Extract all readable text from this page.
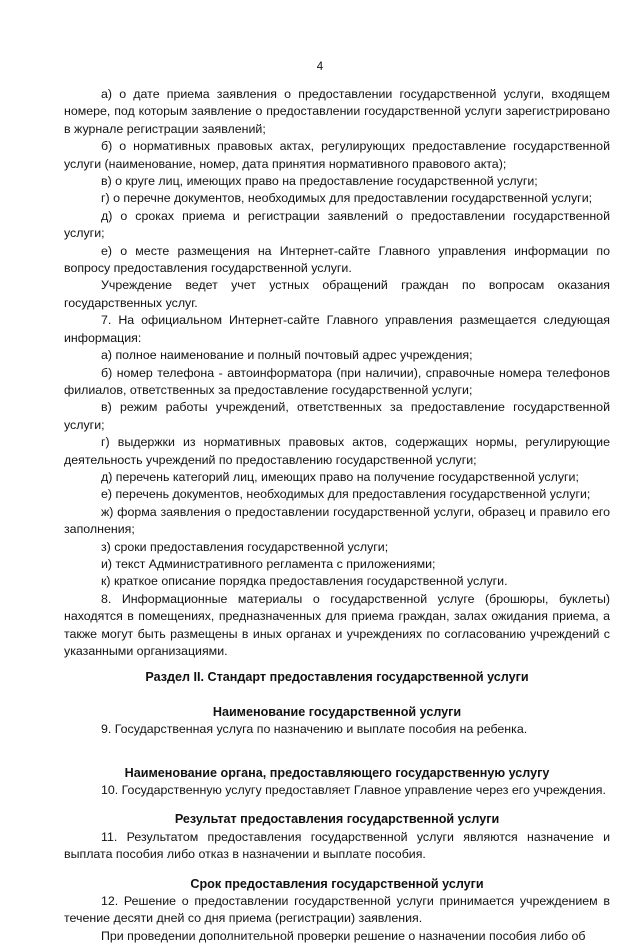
4

а) о дате приема заявления о предоставлении государственной услуги, входящем номере, под которым заявление о предоставлении государственной услуги зарегистрировано в журнале регистрации заявлений;

б) о нормативных правовых актах, регулирующих предоставление государственной услуги (наименование, номер, дата принятия нормативного правового акта);

в) о круге лиц, имеющих право на предоставление государственной услуги;

г) о перечне документов, необходимых для предоставлении государственной услуги;

д) о сроках приема и регистрации заявлений о предоставлении государственной услуги;

е) о месте размещения на Интернет-сайте Главного управления информации по вопросу предоставления государственной услуги.

Учреждение ведет учет устных обращений граждан по вопросам оказания государственных услуг.

7. На официальном Интернет-сайте Главного управления размещается следующая информация:

а) полное наименование и полный почтовый адрес учреждения;

б) номер телефона - автоинформатора (при наличии), справочные номера телефонов филиалов, ответственных за предоставление государственной услуги;

в) режим работы учреждений, ответственных за предоставление государственной услуги;

г) выдержки из нормативных правовых актов, содержащих нормы, регулирующие деятельность учреждений по предоставлению государственной услуги;

д) перечень категорий лиц, имеющих право на получение государственной услуги;

е) перечень документов, необходимых для предоставления государственной услуги;

ж) форма заявления о предоставлении государственной услуги, образец и правило его заполнения;

з) сроки предоставления государственной услуги;

и) текст Административного регламента с приложениями;

к) краткое описание порядка предоставления государственной услуги.

8. Информационные материалы о государственной услуге (брошюры, буклеты) находятся в помещениях, предназначенных для приема граждан, залах ожидания приема, а также могут быть размещены в иных органах и учреждениях по согласованию учреждений с указанными организациями.

Раздел II. Стандарт предоставления государственной услуги

Наименование государственной услуги

9. Государственная услуга по назначению и выплате пособия на ребенка.

Наименование органа, предоставляющего государственную услугу

10. Государственную услугу предоставляет Главное управление через его учреждения.

Результат предоставления государственной услуги

11. Результатом предоставления государственной услуги являются назначение и выплата пособия либо отказ в назначении и выплате пособия.

Срок предоставления государственной услуги

12. Решение о предоставлении государственной услуги принимается учреждением в течение десяти дней со дня приема (регистрации) заявления.

При проведении дополнительной проверки решение о назначении пособия либо об
